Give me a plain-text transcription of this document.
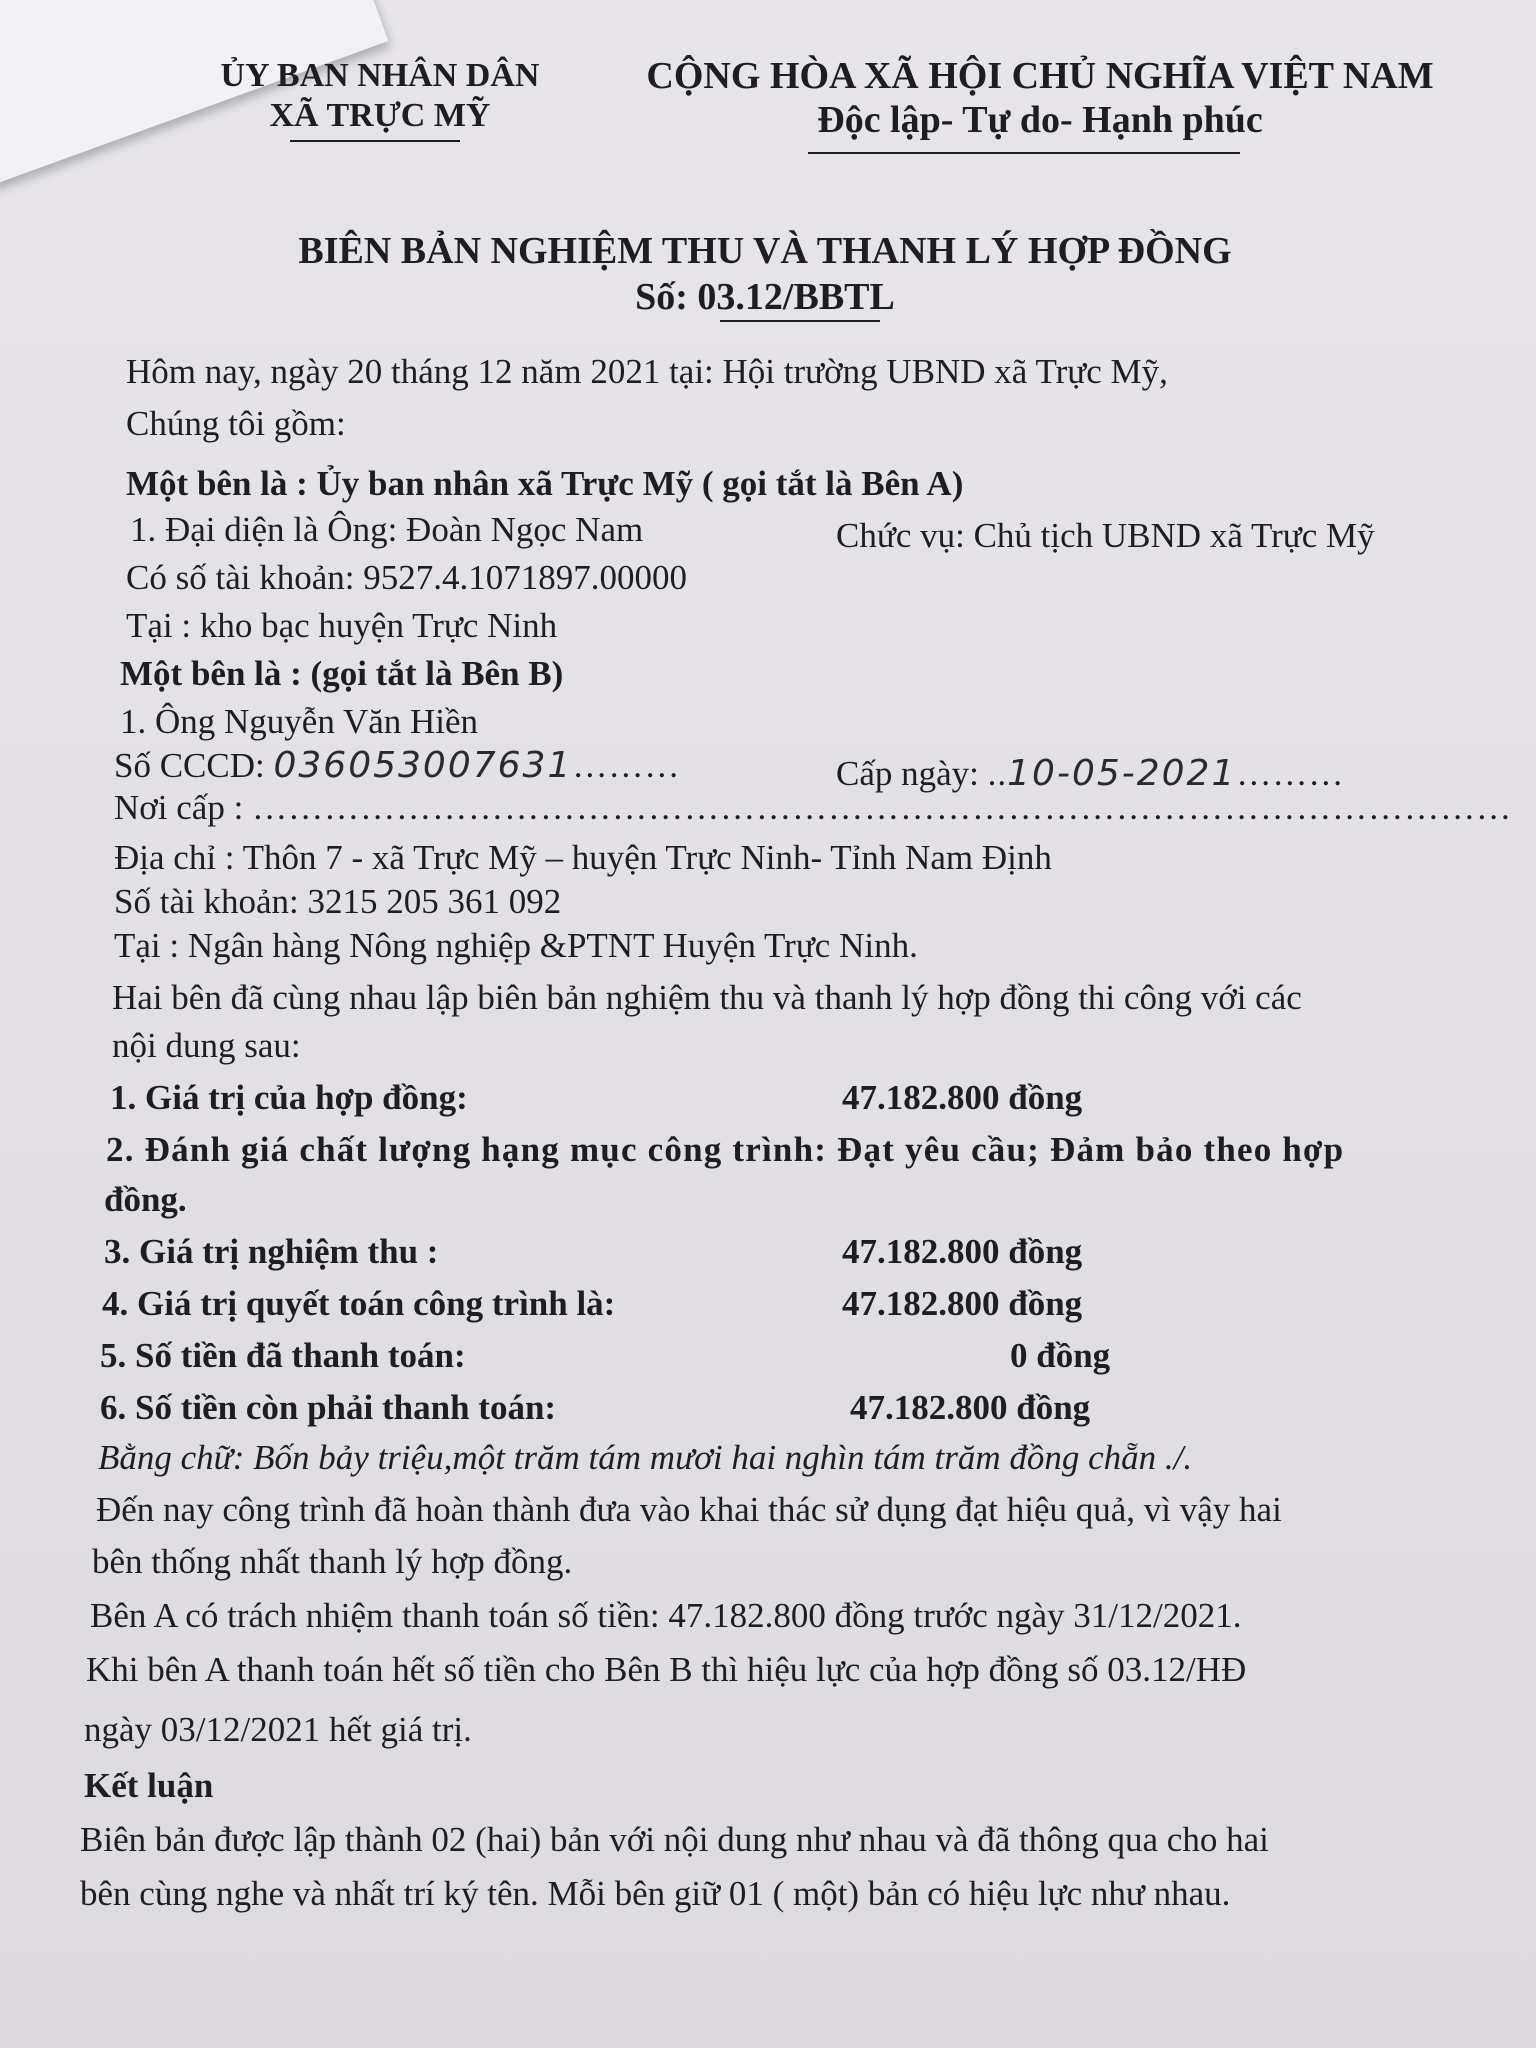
ỦY BAN NHÂN DÂN
XÃ TRỰC MỸ
CỘNG HÒA XÃ HỘI CHỦ NGHĨA VIỆT NAM
Độc lập- Tự do- Hạnh phúc
BIÊN BẢN NGHIỆM THU VÀ THANH LÝ HỢP ĐỒNG
Số: 03.12/BBTL
Hôm nay, ngày 20 tháng 12 năm 2021 tại: Hội trường UBND xã Trực Mỹ,
Chúng tôi gồm:
Một bên là : Ủy ban nhân xã Trực Mỹ ( gọi tắt là Bên A)
1. Đại diện là Ông: Đoàn Ngọc Nam	Chức vụ: Chủ tịch UBND xã Trực Mỹ
Có số tài khoản: 9527.4.1071897.00000
Tại : kho bạc huyện Trực Ninh
Một bên là : (gọi tắt là Bên B)
1. Ông Nguyễn Văn Hiền
Số CCCD: 036053007631………	Cấp ngày: ..10-05-2021………
Nơi cấp : ……………………………………………………………………………………………
Địa chỉ : Thôn 7 - xã Trực Mỹ – huyện Trực Ninh- Tỉnh Nam Định
Số tài khoản: 3215 205 361 092
Tại : Ngân hàng Nông nghiệp &PTNT Huyện Trực Ninh.
Hai bên đã cùng nhau lập biên bản nghiệm thu và thanh lý hợp đồng thi công với các
nội dung sau:
1. Giá trị của hợp đồng:	47.182.800 đồng
2. Đánh giá chất lượng hạng mục công trình: Đạt yêu cầu; Đảm bảo theo hợp
đồng.
3. Giá trị nghiệm thu :	47.182.800 đồng
4. Giá trị quyết toán công trình là:	47.182.800 đồng
5. Số tiền đã thanh toán:	0 đồng
6. Số tiền còn phải thanh toán:	47.182.800 đồng
Bằng chữ: Bốn bảy triệu,một trăm tám mươi hai nghìn tám trăm đồng chẵn ./.
Đến nay công trình đã hoàn thành đưa vào khai thác sử dụng đạt hiệu quả, vì vậy hai
bên thống nhất thanh lý hợp đồng.
Bên A có trách nhiệm thanh toán số tiền: 47.182.800 đồng trước ngày 31/12/2021.
Khi bên A thanh toán hết số tiền cho Bên B thì hiệu lực của hợp đồng số 03.12/HĐ
ngày 03/12/2021 hết giá trị.
Kết luận
Biên bản được lập thành 02 (hai) bản với nội dung như nhau và đã thông qua cho hai
bên cùng nghe và nhất trí ký tên. Mỗi bên giữ 01 ( một) bản có hiệu lực như nhau.
